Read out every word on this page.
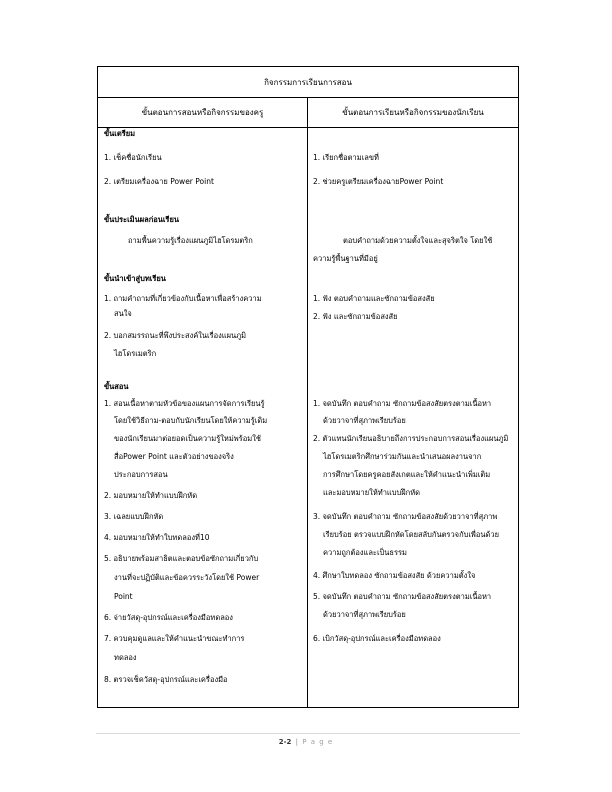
กิจกรรมการเรียนการสอน
ขั้นตอนการสอนหรือกิจกรรมของครู	ขั้นตอนการเรียนหรือกิจกรรมของนักเรียน
ขั้นเตรียม
1. เช็คชื่อนักเรียน
2. เตรียมเครื่องฉาย Power Point
ขั้นประเมินผลก่อนเรียน
ถามพื้นความรู้เรื่องแผนภูมิไฮโดรมตริก
ขั้นนำเข้าสู่บทเรียน
1. ถามคำถามที่เกี่ยวข้องกับเนื้อหาเพื่อสร้างความ
สนใจ
2. บอกสมรรถนะที่พึงประสงค์ในเรื่องแผนภูมิ
ไฮโดรเมตริก
ขั้นสอน
1. สอนเนื้อหาตามหัวข้อของแผนการจัดการเรียนรู้
โดยใช้วิธีถาม-ตอบกับนักเรียนโดยให้ความรู้เดิม
ของนักเรียนมาต่อยอดเป็นความรู้ใหม่พร้อมใช้
สื่อPower Point และตัวอย่างของจริง
ประกอบการสอน
2. มอบหมายให้ทำแบบฝึกหัด
3. เฉลยแบบฝึกหัด
4. มอบหมายให้ทำใบทดลองที่10
5. อธิบายพร้อมสาธิตและตอบข้อซักถามเกี่ยวกับ
งานที่จะปฏิบัติและข้อควรระวังโดยใช้ Power
Point
6. จ่ายวัสดุ-อุปกรณ์และเครื่องมือทดลอง
7. ควบคุมดูแลและให้คำแนะนำขณะทำการ
ทดลอง
8. ตรวจเช็ควัสดุ-อุปกรณ์และเครื่องมือ
1. เรียกชื่อตามเลขที่
2. ช่วยครูเตรียมเครื่องฉายPower Point
ตอบคำถามด้วยความตั้งใจและสุจริตใจ โดยใช้
ความรู้พื้นฐานที่มีอยู่
1. ฟัง ตอบคำถามและซักถามข้อสงสัย
2. ฟัง และซักถามข้อสงสัย
1. จดบันทึก ตอบคำถาม ซักถามข้อสงสัยตรงตามเนื้อหา
ด้วยวาจาที่สุภาพเรียบร้อย
2. ตัวแทนนักเรียนอธิบายถึงการประกอบการสอนเรื่องแผนภูมิ
ไฮโดรเมตริกศึกษาร่วมกันและนำเสนอผลงานจาก
การศึกษาโดยครูคอยสังเกตและให้คำแนะนำเพิ่มเติม
และมอบหมายให้ทำแบบฝึกหัด
3. จดบันทึก ตอบคำถาม ซักถามข้อสงสัยด้วยวาจาที่สุภาพ
เรียบร้อย ตรวจแบบฝึกหัดโดยสลับกันตรวจกับเพื่อนด้วย
ความถูกต้องและเป็นธรรม
4. ศึกษาใบทดลอง ซักถามข้อสงสัย ด้วยความตั้งใจ
5. จดบันทึก ตอบคำถาม ซักถามข้อสงสัยตรงตามเนื้อหา
ด้วยวาจาที่สุภาพเรียบร้อย
6. เบิกวัสดุ-อุปกรณ์และเครื่องมือทดลอง
2-2 | P a g e
